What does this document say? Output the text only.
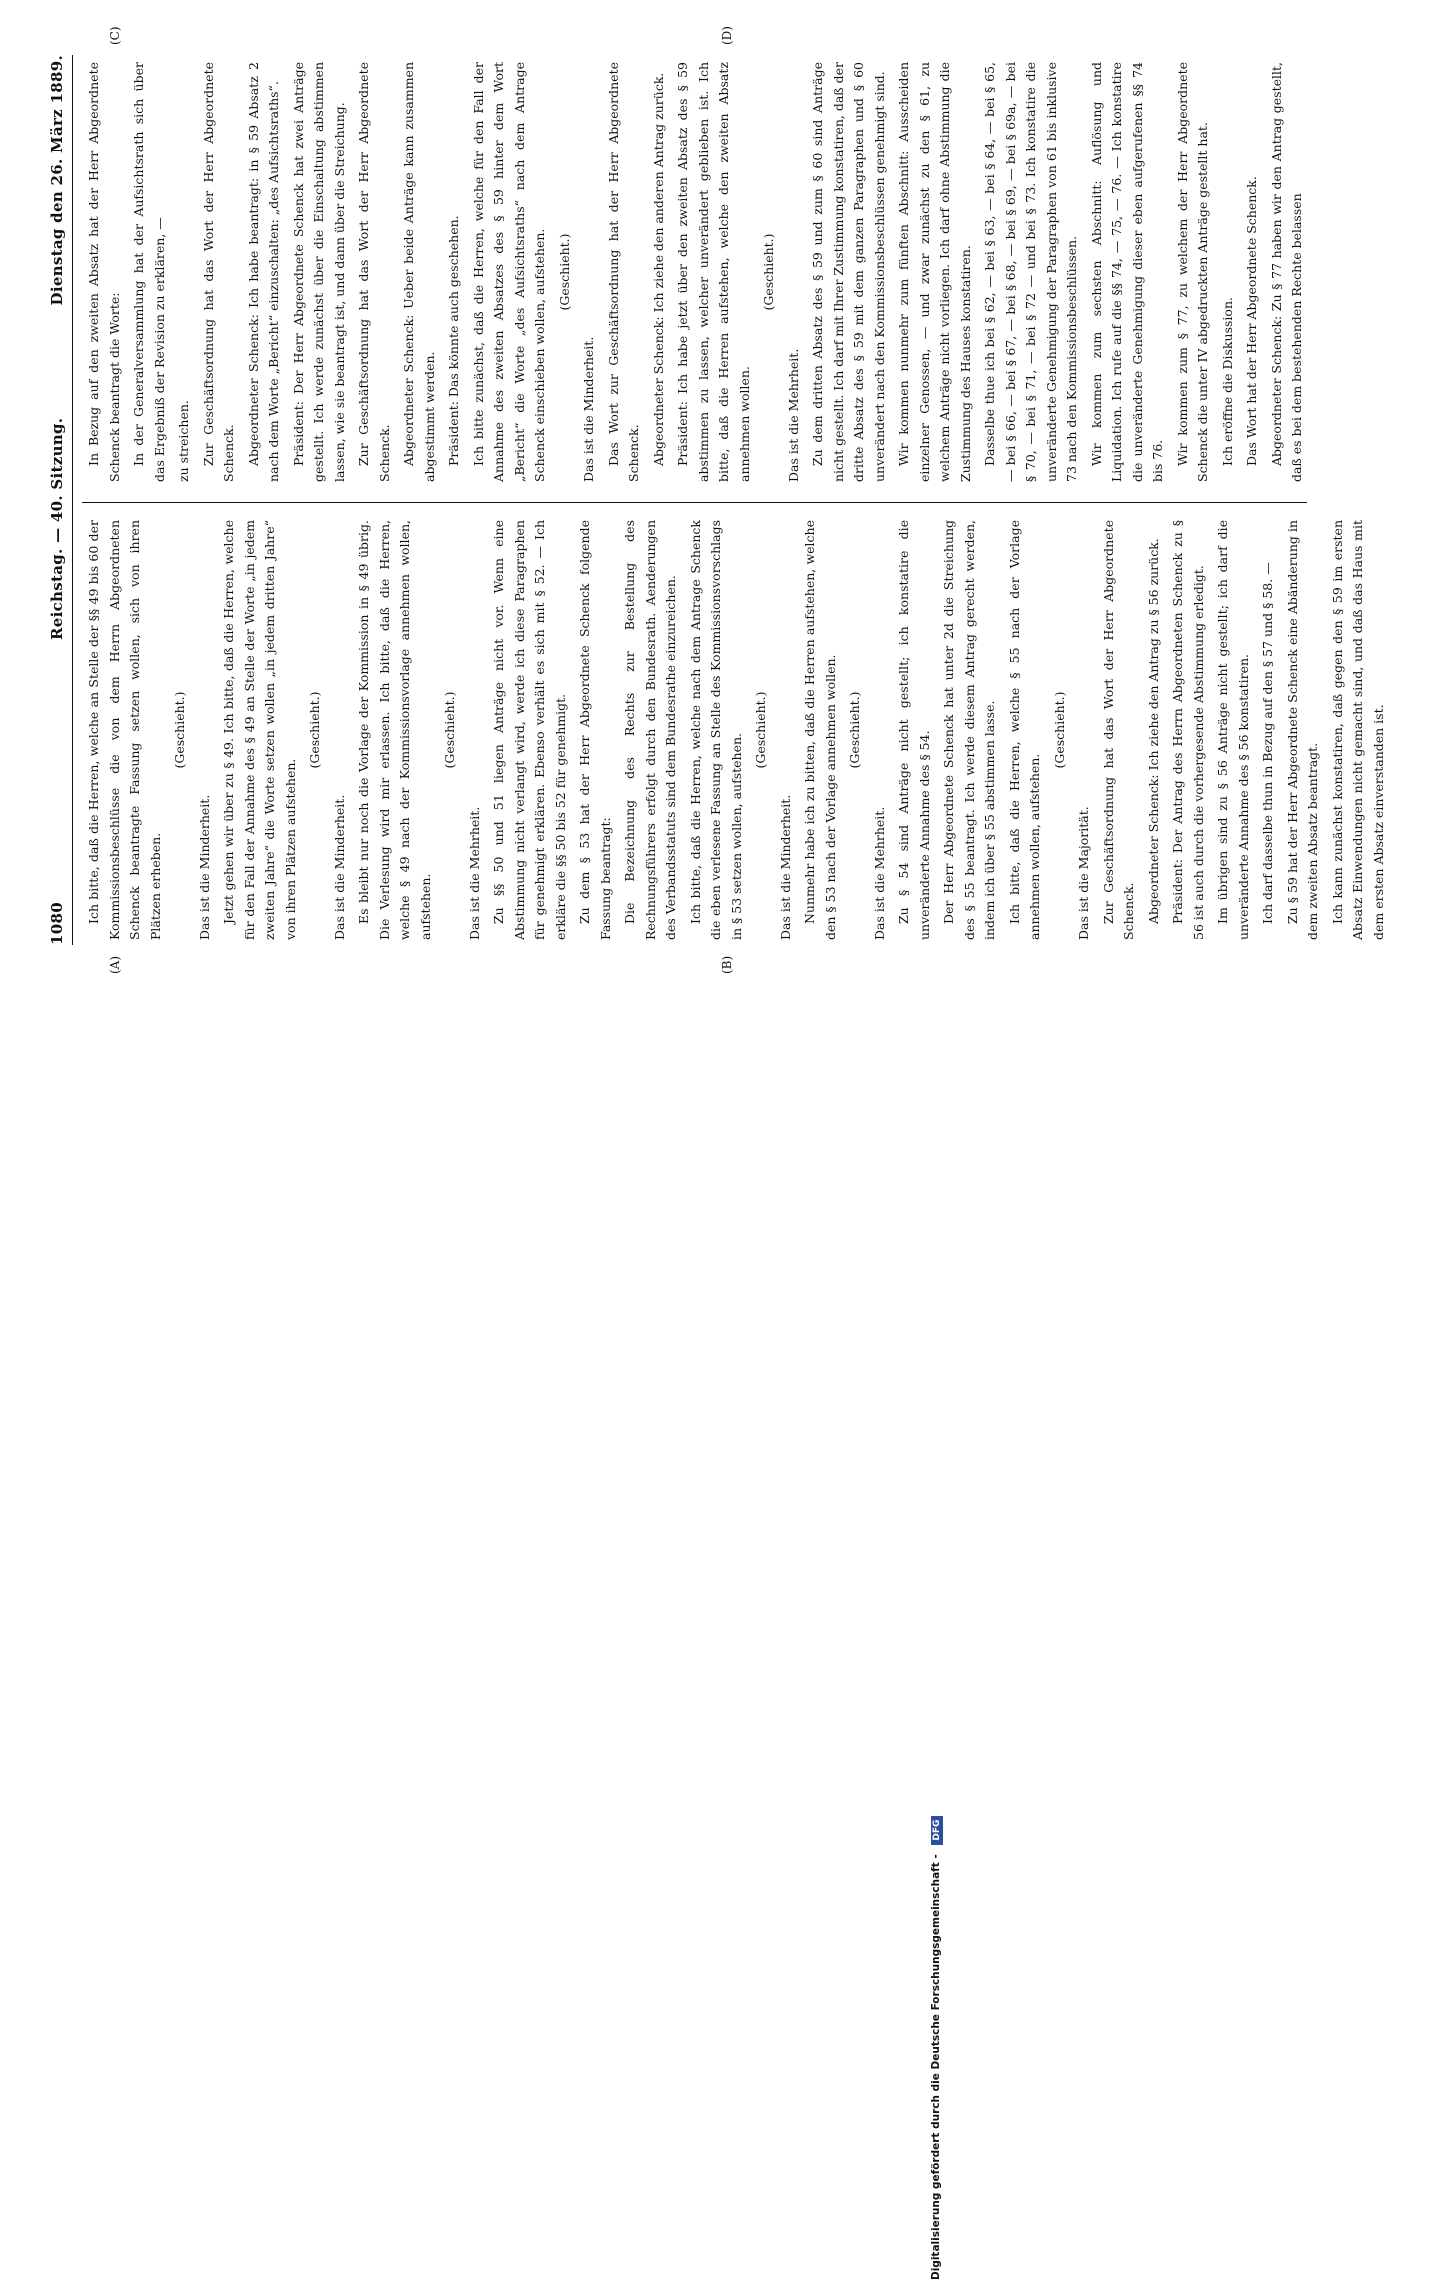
1080
Reichstag. — 40. Sitzung.
Dienstag den 26. März 1889.
(A)	(B)
(C)	(D)

Ich bitte, daß die Herren, welche an Stelle der §§ 49 bis 60 der Kommissionsbeschlüsse die von dem Herrn Abgeordneten Schenck beantragte Fassung setzen wollen, sich von ihren Plätzen erheben.

(Geschieht.)

Das ist die Minderheit. Jetzt gehen wir über zu § 49. Ich bitte, daß die Herren, welche für den Fall der Annahme des § 49 an Stelle der Worte „in jedem zweiten Jahre“ die Worte setzen wollen „in jedem dritten Jahre“ von ihren Plätzen aufstehen.

(Geschieht.)

Das ist die Minderheit. Es bleibt nur noch die Vorlage der Kommission in § 49 übrig. Die Verlesung wird mir erlassen. Ich bitte, daß die Herren, welche § 49 nach der Kommissionsvorlage annehmen wollen, aufstehen.

(Geschieht.)

Das ist die Mehrheit. Zu §§ 50 und 51 liegen Anträge nicht vor. Wenn eine Abstimmung nicht verlangt wird, werde ich diese Paragraphen für genehmigt erklären. Ebenso verhält es sich mit § 52. — Ich erkläre die §§ 50 bis 52 für genehmigt. Zu dem § 53 hat der Herr Abgeordnete Schenck folgende Fassung beantragt: Die Bezeichnung des Rechts zur Bestellung des Rechnungsführers erfolgt durch den Bundesrath. Aenderungen des Verbandsstatuts sind dem Bundesrathe einzureichen. Ich bitte, daß die Herren, welche nach dem Antrage Schenck die eben verlesene Fassung an Stelle des Kommissionsvorschlags in § 53 setzen wollen, aufstehen.

(Geschieht.)

Das ist die Minderheit. Nunmehr habe ich zu bitten, daß die Herren aufstehen, welche den § 53 nach der Vorlage annehmen wollen. (Geschieht.)

Das ist die Mehrheit. Zu § 54 sind Anträge nicht gestellt; ich konstatire die unveränderte Annahme des § 54. Der Herr Abgeordnete Schenck hat unter 2d die Streichung des § 55 beantragt. Ich werde diesem Antrag gerecht werden, indem ich über § 55 abstimmen lasse. Ich bitte, daß die Herren, welche § 55 nach der Vorlage annehmen wollen, aufstehen.

(Geschieht.)

Das ist die Majorität. Zur Geschäftsordnung hat das Wort der Herr Abgeordnete Schenck. Abgeordneter Schenck: Ich ziehe den Antrag zu § 56 zurück. Präsident: Der Antrag des Herrn Abgeordneten Schenck zu § 56 ist auch durch die vorhergesende Abstimmung erledigt. Im übrigen sind zu § 56 Anträge nicht gestellt; ich darf die unveränderte Annahme des § 56 konstatiren. Ich darf dasselbe thun in Bezug auf den § 57 und § 58. — Zu § 59 hat der Herr Abgeordnete Schenck eine Abänderung in dem zweiten Absatz beantragt. Ich kann zunächst konstatiren, daß gegen den § 59 im ersten Absatz Einwendungen nicht gemacht sind, und daß das Haus mit dem ersten Absatz einverstanden ist.

In Bezug auf den zweiten Absatz hat der Herr Abgeordnete Schenck beantragt die Worte: In der Generalversammlung hat der Aufsichtsrath sich über das Ergebniß der Revision zu erklären, — zu streichen. Zur Geschäftsordnung hat das Wort der Herr Abgeordnete Schenck. Abgeordneter Schenck: Ich habe beantragt: in § 59 Absatz 2 nach dem Worte „Bericht“ einzuschalten: „des Aufsichtsraths“. Präsident: Der Herr Abgeordnete Schenck hat zwei Anträge gestellt. Ich werde zunächst über die Einschaltung abstimmen lassen, wie sie beantragt ist, und dann über die Streichung. Zur Geschäftsordnung hat das Wort der Herr Abgeordnete Schenck. Abgeordneter Schenck: Ueber beide Anträge kann zusammen abgestimmt werden. Präsident: Das könnte auch geschehen. Ich bitte zunächst, daß die Herren, welche für den Fall der Annahme des zweiten Absatzes des § 59 hinter dem Wort „Bericht“ die Worte „des Aufsichtsraths“ nach dem Antrage Schenck einschieben wollen, aufstehen. (Geschieht.)

Das ist die Minderheit. Das Wort zur Geschäftsordnung hat der Herr Abgeordnete Schenck. Abgeordneter Schenck: Ich ziehe den anderen Antrag zurück. Präsident: Ich habe jetzt über den zweiten Absatz des § 59 abstimmen zu lassen, welcher unverändert geblieben ist. Ich bitte, daß die Herren aufstehen, welche den zweiten Absatz annehmen wollen.

(Geschieht.)

Das ist die Mehrheit. Zu dem dritten Absatz des § 59 und zum § 60 sind Anträge nicht gestellt. Ich darf mit Ihrer Zustimmung konstatiren, daß der dritte Absatz des § 59 mit dem ganzen Paragraphen und § 60 unverändert nach den Kommissionsbeschlüssen genehmigt sind. Wir kommen nunmehr zum fünften Abschnitt: Ausscheiden einzelner Genossen, — und zwar zunächst zu den § 61, zu welchem Anträge nicht vorliegen. Ich darf ohne Abstimmung die Zustimmung des Hauses konstatiren. Dasselbe thue ich bei § 62, — bei § 63, — bei § 64, — bei § 65, — bei § 66, — bei § 67, — bei § 68, — bei § 69, — bei § 69a, — bei § 70, — bei § 71, — bei § 72 — und bei § 73. Ich konstatire die unveränderte Genehmigung der Paragraphen von 61 bis inklusive 73 nach den Kommissionsbeschlüssen. Wir kommen zum sechsten Abschnitt: Auflösung und Liquidation. Ich rufe auf die §§ 74, — 75, — 76. — Ich konstatire die unveränderte Genehmigung dieser eben aufgerufenen §§ 74 bis 76. Wir kommen zum § 77, zu welchem der Herr Abgeordnete Schenck die unter IV abgedruckten Anträge gestellt hat. Ich eröffne die Diskussion. Das Wort hat der Herr Abgeordnete Schenck. Abgeordneter Schenck: Zu § 77 haben wir den Antrag gestellt, daß es bei dem bestehenden Rechte belassen

Digitalisierung gefördert durch die Deutsche Forschungsgemeinschaft - DFG
